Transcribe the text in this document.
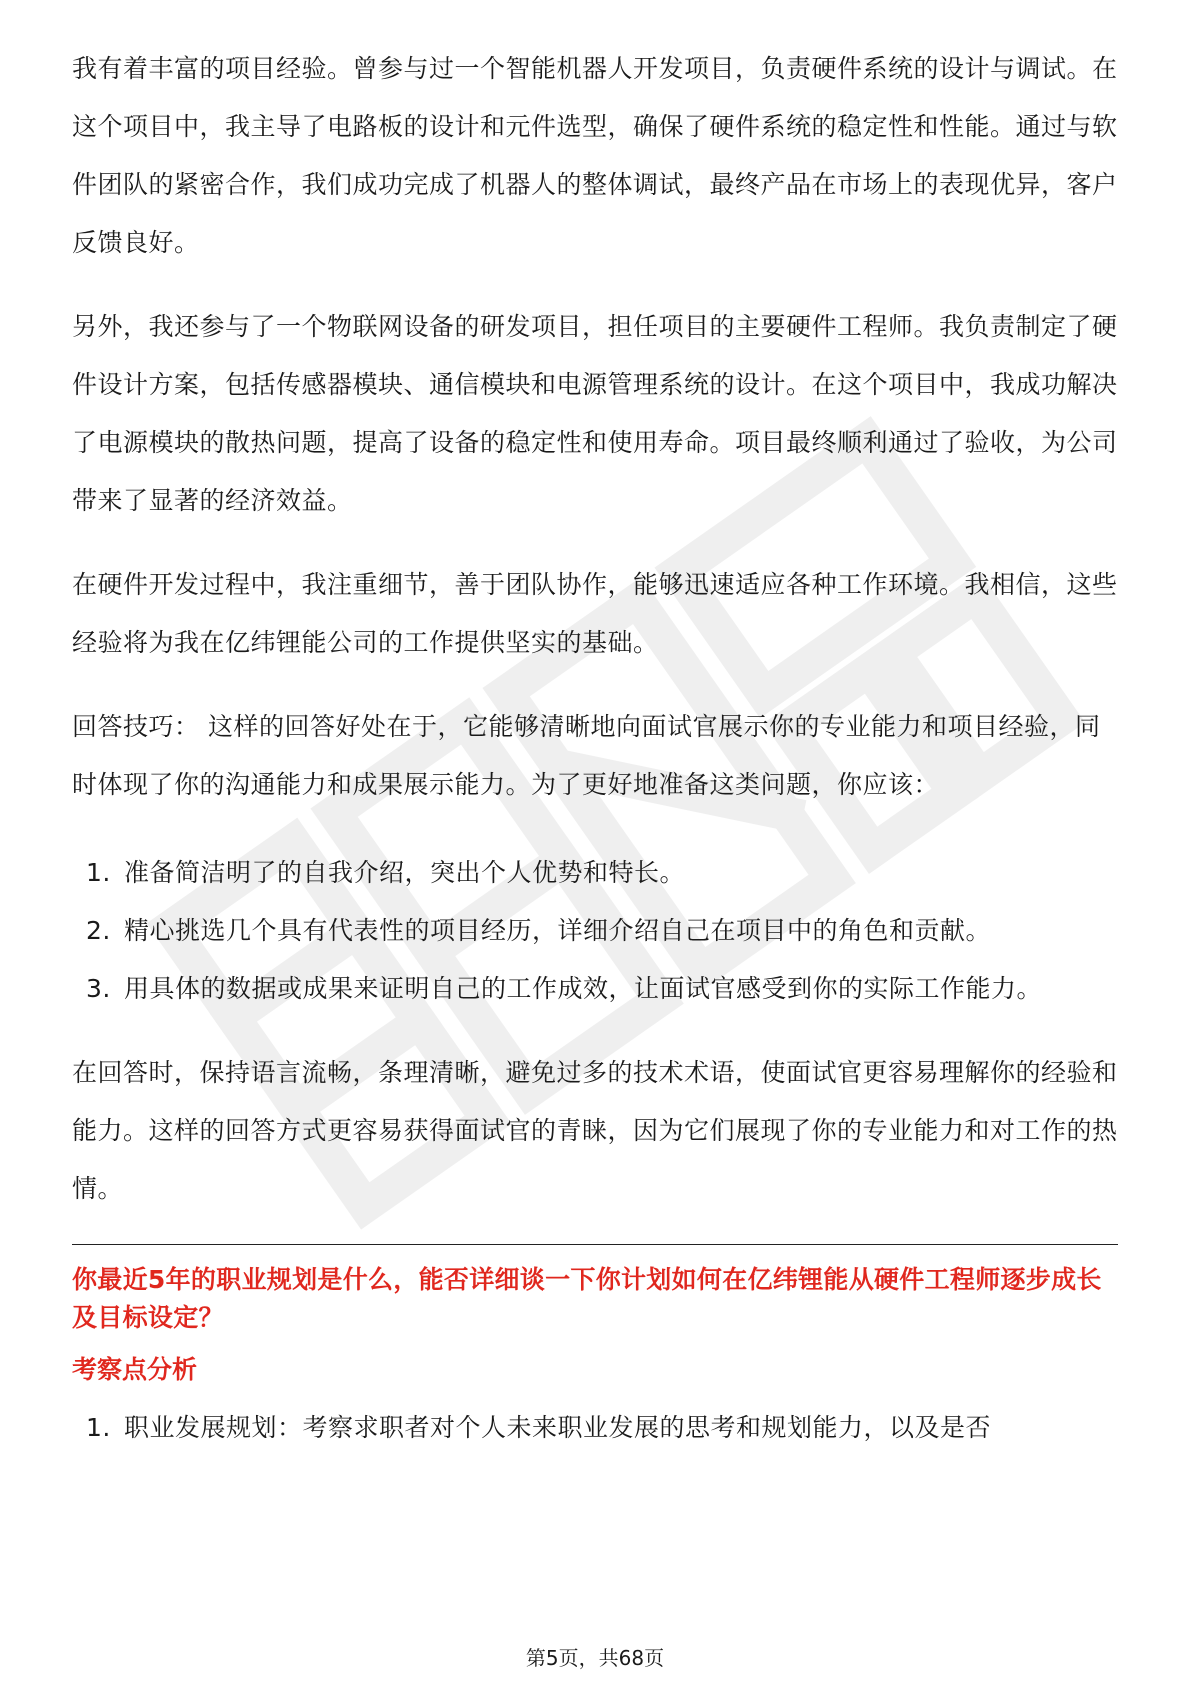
我有着丰富的项目经验。曾参与过一个智能机器人开发项目，负责硬件系统的设计与调试。在这个项目中，我主导了电路板的设计和元件选型，确保了硬件系统的稳定性和性能。通过与软件团队的紧密合作，我们成功完成了机器人的整体调试，最终产品在市场上的表现优异，客户反馈良好。

另外，我还参与了一个物联网设备的研发项目，担任项目的主要硬件工程师。我负责制定了硬件设计方案，包括传感器模块、通信模块和电源管理系统的设计。在这个项目中，我成功解决了电源模块的散热问题，提高了设备的稳定性和使用寿命。项目最终顺利通过了验收，为公司带来了显著的经济效益。

在硬件开发过程中，我注重细节，善于团队协作，能够迅速适应各种工作环境。我相信，这些经验将为我在亿纬锂能公司的工作提供坚实的基础。

回答技巧： 这样的回答好处在于，它能够清晰地向面试官展示你的专业能力和项目经验，同时体现了你的沟通能力和成果展示能力。为了更好地准备这类问题，你应该：

1. 准备简洁明了的自我介绍，突出个人优势和特长。
2. 精心挑选几个具有代表性的项目经历，详细介绍自己在项目中的角色和贡献。
3. 用具体的数据或成果来证明自己的工作成效，让面试官感受到你的实际工作能力。

在回答时，保持语言流畅，条理清晰，避免过多的技术术语，使面试官更容易理解你的经验和能力。这样的回答方式更容易获得面试官的青睐，因为它们展现了你的专业能力和对工作的热情。

你最近5年的职业规划是什么，能否详细谈一下你计划如何在亿纬锂能从硬件工程师逐步成长及目标设定？

考察点分析

1. 职业发展规划：考察求职者对个人未来职业发展的思考和规划能力，以及是否
第5页，共68页
